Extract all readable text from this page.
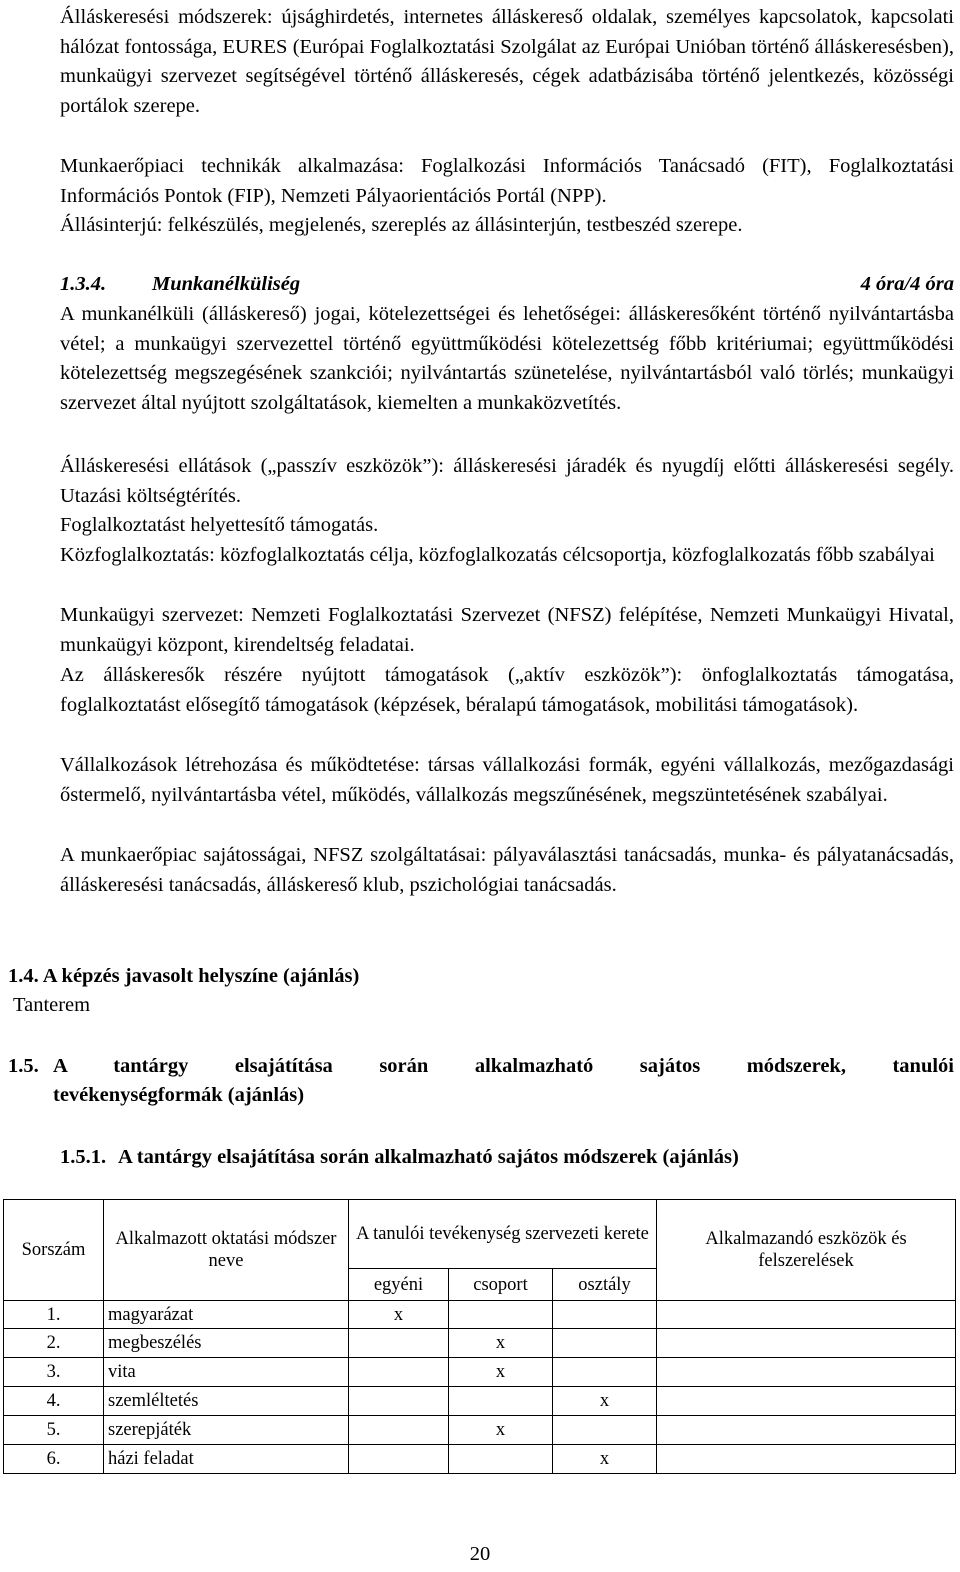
Álláskeresési módszerek: újsághirdetés, internetes álláskereső oldalak, személyes kapcsolatok, kapcsolati hálózat fontossága, EURES (Európai Foglalkoztatási Szolgálat az Európai Unióban történő álláskeresésben), munkaügyi szervezet segítségével történő álláskeresés, cégek adatbázisába történő jelentkezés, közösségi portálok szerepe.

Munkaerőpiaci technikák alkalmazása: Foglalkozási Információs Tanácsadó (FIT), Foglalkoztatási Információs Pontok (FIP), Nemzeti Pályaorientációs Portál (NPP).

Állásinterjú: felkészülés, megjelenés, szereplés az állásinterjún, testbeszéd szerepe.

1.3.4. Munkanélküliség	4 óra/4 óra

A munkanélküli (álláskereső) jogai, kötelezettségei és lehetőségei: álláskeresőként történő nyilvántartásba vétel; a munkaügyi szervezettel történő együttműködési kötelezettség főbb kritériumai; együttműködési kötelezettség megszegésének szankciói; nyilvántartás szünetelése, nyilvántartásból való törlés; munkaügyi szervezet által nyújtott szolgáltatások, kiemelten a munkaközvetítés.

Álláskeresési ellátások („passzív eszközök”): álláskeresési járadék és nyugdíj előtti álláskeresési segély. Utazási költségtérítés.

Foglalkoztatást helyettesítő támogatás.

Közfoglalkoztatás: közfoglalkoztatás célja, közfoglalkozatás célcsoportja, közfoglalkozatás főbb szabályai

Munkaügyi szervezet: Nemzeti Foglalkoztatási Szervezet (NFSZ) felépítése, Nemzeti Munkaügyi Hivatal, munkaügyi központ, kirendeltség feladatai.

Az álláskeresők részére nyújtott támogatások („aktív eszközök”): önfoglalkoztatás támogatása, foglalkoztatást elősegítő támogatások (képzések, béralapú támogatások, mobilitási támogatások).

Vállalkozások létrehozása és működtetése: társas vállalkozási formák, egyéni vállalkozás, mezőgazdasági őstermelő, nyilvántartásba vétel, működés, vállalkozás megszűnésének, megszüntetésének szabályai.

A munkaerőpiac sajátosságai, NFSZ szolgáltatásai: pályaválasztási tanácsadás, munka- és pályatanácsadás, álláskeresési tanácsadás, álláskereső klub, pszichológiai tanácsadás.

1.4. A képzés javasolt helyszíne (ajánlás)
Tanterem
1.5. A tantárgy elsajátítása során alkalmazható sajátos módszerek, tanulói
tevékenységformák (ajánlás)
1.5.1. A tantárgy elsajátítása során alkalmazható sajátos módszerek (ajánlás)
Sorszám	Alkalmazott oktatási módszer neve	A tanulói tevékenység szervezeti kerete			Alkalmazandó eszközök és felszerelések
		egyéni	csoport	osztály	
1.	magyarázat	x			
2.	megbeszélés		x		
3.	vita		x		
4.	szemléltetés			x	
5.	szerepjáték		x		
6.	házi feladat			x	
20
